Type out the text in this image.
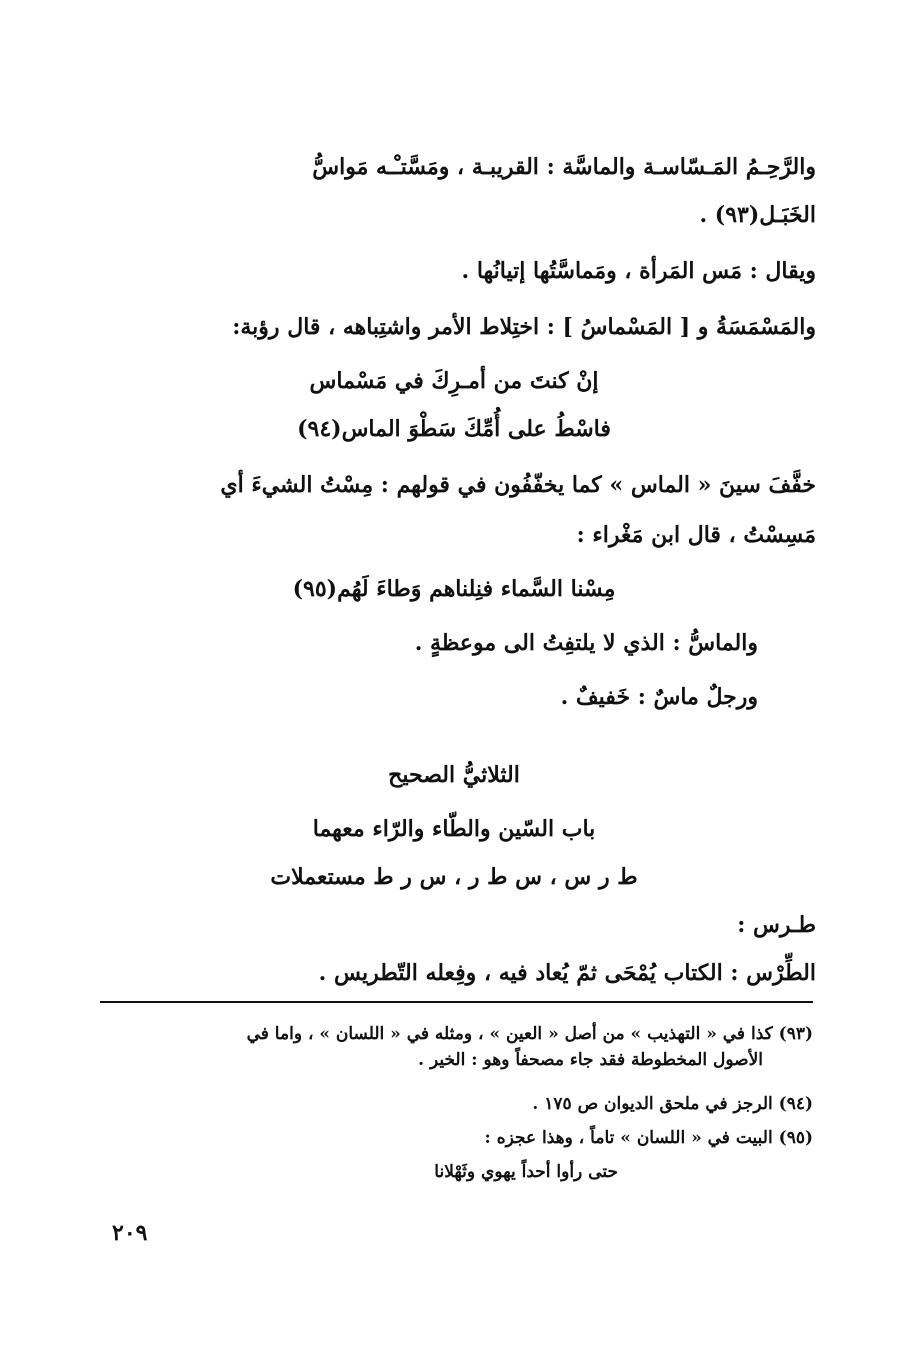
والرَّحِـمُ المَـسّاسـة والماسَّة : القريبـة ، ومَسَّتـْـه مَواسُّ
الخَبَـل(٩٣) .
ويقال : مَس المَرأة ، ومَماسَّتُها إتيانُها .
والمَسْمَسَةُ و [ المَسْماسُ ] : اختِلاط الأمر واشتِباهه ، قال رؤبة:
إنْ كنتَ من أمـرِكَ في مَسْماس
فاسْطُ على أُمِّكَ سَطْوَ الماس(٩٤)
خفَّفَ سينَ « الماس » كما يخفّفُون في قولهم : مِسْتُ الشيءَ أي
مَسِسْتُ ، قال ابن مَغْراء :
مِسْنا السَّماء فنِلناهم وَطاءَ لَهُم(٩٥)
والماسُّ : الذي لا يلتفِتُ الى موعظةٍ .
ورجلٌ ماسٌ : خَفيفٌ .
الثلاثيُّ الصحيح
باب السّين والطّاء والرّاء معهما
ط ر س ، س ط ر ، س ر ط مستعملات
طـرس :
الطِّرْس : الكتاب يُمْحَى ثمّ يُعاد فيه ، وفِعله التّطريس .
(٩٣) كذا في « التهذيب » من أصل « العين » ، ومثله في « اللسان » ، واما في
الأصول المخطوطة فقد جاء مصحفاً وهو : الخير .
(٩٤) الرجز في ملحق الديوان ص ١٧٥ .
(٩٥) البيت في « اللسان » تاماً ، وهذا عجزه :
حتى رأوا أحداً يهوي وثَهْلانا
٢٠٩
